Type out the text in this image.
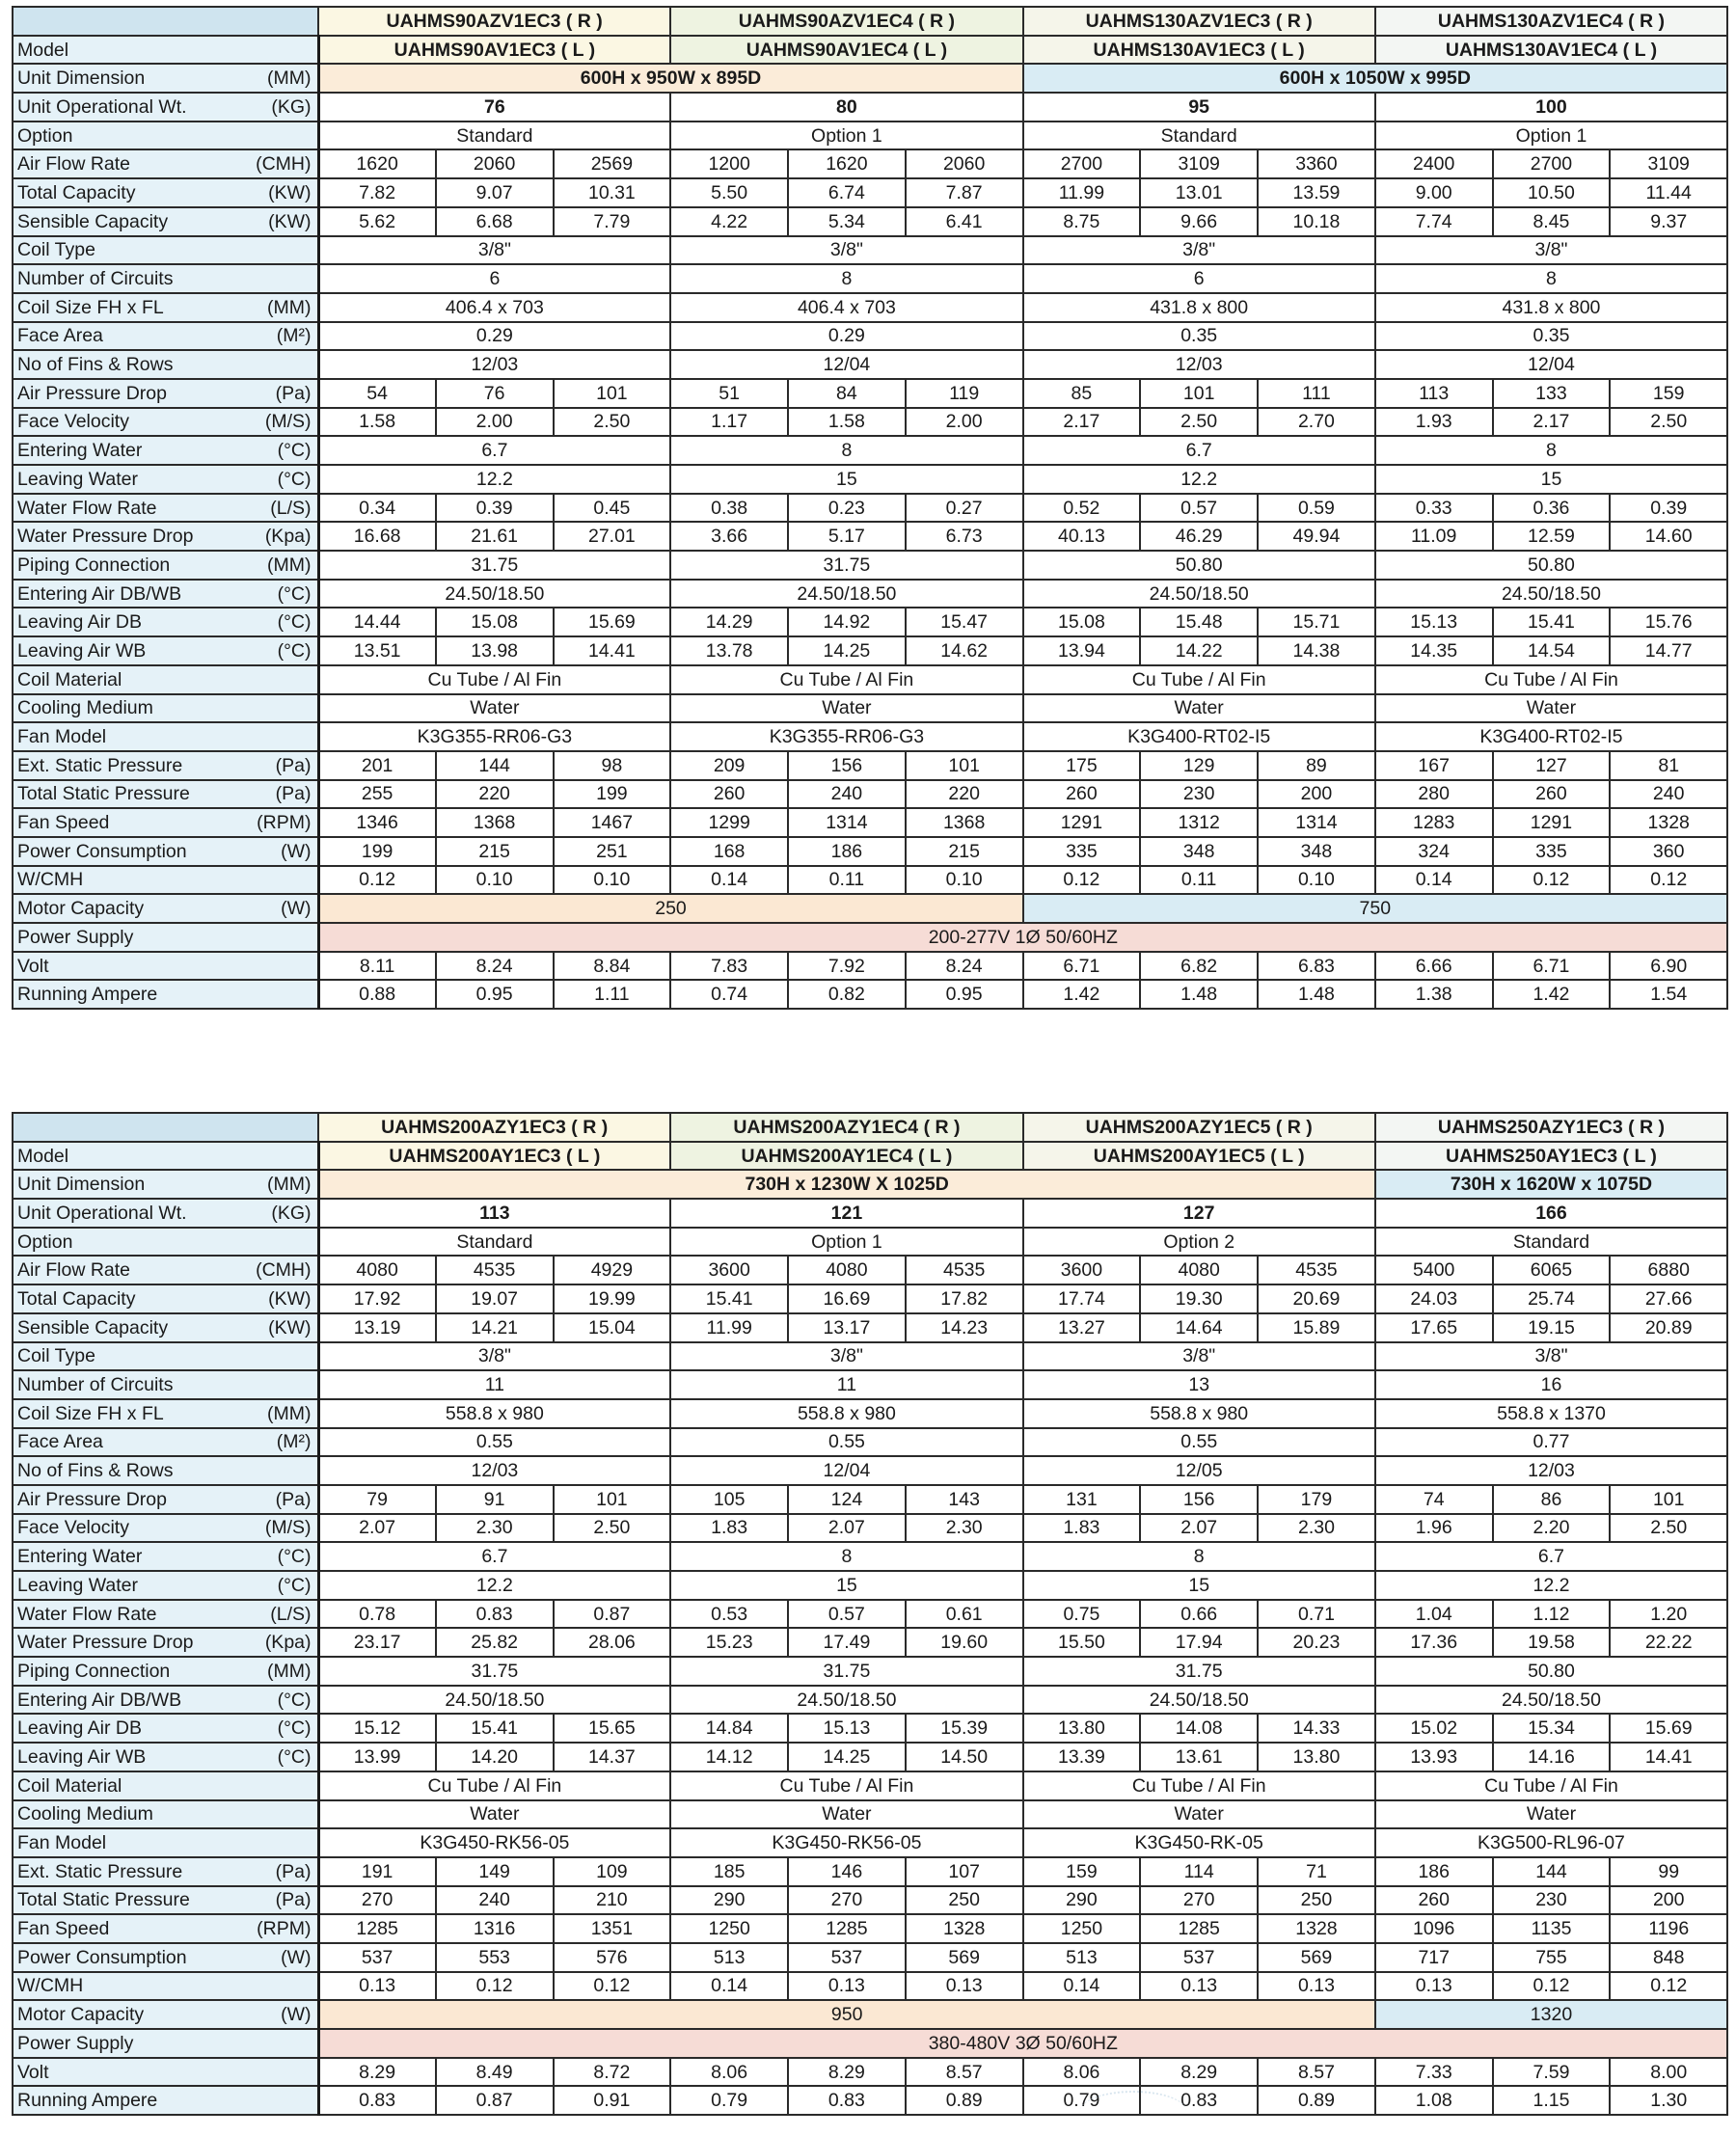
	UAHMS90AZV1EC3 ( R )			UAHMS90AZV1EC4 ( R )			UAHMS130AZV1EC3 ( R )			UAHMS130AZV1EC4 ( R )		
Model	UAHMS90AV1EC3 ( L )			UAHMS90AV1EC4 ( L )			UAHMS130AV1EC3 ( L )			UAHMS130AV1EC4 ( L )		

Unit Dimension (MM)	600H x 950W x 895D						600H x 1050W x 995D					

Unit Operational Wt. (KG)	76			80			95			100		

Option	Standard			Option 1			Standard			Option 1		

Air Flow Rate (CMH)	1620	2060	2569	1200	1620	2060	2700	3109	3360	2400	2700	3109

Total Capacity (KW)	7.82	9.07	10.31	5.50	6.74	7.87	11.99	13.01	13.59	9.00	10.50	11.44

Sensible Capacity (KW)	5.62	6.68	7.79	4.22	5.34	6.41	8.75	9.66	10.18	7.74	8.45	9.37

Coil Type	3/8"			3/8"			3/8"			3/8"		

Number of Circuits	6			8			6			8		

Coil Size FH x FL (MM)	406.4 x 703			406.4 x 703			431.8 x 800			431.8 x 800		

Face Area (M²)	0.29			0.29			0.35			0.35		

No of Fins & Rows	12/03			12/04			12/03			12/04		

Air Pressure Drop (Pa)	54	76	101	51	84	119	85	101	111	113	133	159

Face Velocity (M/S)	1.58	2.00	2.50	1.17	1.58	2.00	2.17	2.50	2.70	1.93	2.17	2.50

Entering Water (°C)	6.7			8			6.7			8		

Leaving Water (°C)	12.2			15			12.2			15		

Water Flow Rate (L/S)	0.34	0.39	0.45	0.38	0.23	0.27	0.52	0.57	0.59	0.33	0.36	0.39

Water Pressure Drop (Kpa)	16.68	21.61	27.01	3.66	5.17	6.73	40.13	46.29	49.94	11.09	12.59	14.60

Piping Connection (MM)	31.75			31.75			50.80			50.80		

Entering Air DB/WB (°C)	24.50/18.50			24.50/18.50			24.50/18.50			24.50/18.50		

Leaving Air DB (°C)	14.44	15.08	15.69	14.29	14.92	15.47	15.08	15.48	15.71	15.13	15.41	15.76

Leaving Air WB (°C)	13.51	13.98	14.41	13.78	14.25	14.62	13.94	14.22	14.38	14.35	14.54	14.77

Coil Material	Cu Tube / Al Fin			Cu Tube / Al Fin			Cu Tube / Al Fin			Cu Tube / Al Fin		

Cooling Medium	Water			Water			Water			Water		

Fan Model	K3G355-RR06-G3			K3G355-RR06-G3			K3G400-RT02-I5			K3G400-RT02-I5		

Ext. Static Pressure (Pa)	201	144	98	209	156	101	175	129	89	167	127	81

Total Static Pressure (Pa)	255	220	199	260	240	220	260	230	200	280	260	240

Fan Speed (RPM)	1346	1368	1467	1299	1314	1368	1291	1312	1314	1283	1291	1328

Power Consumption (W)	199	215	251	168	186	215	335	348	348	324	335	360

W/CMH	0.12	0.10	0.10	0.14	0.11	0.10	0.12	0.11	0.10	0.14	0.12	0.12

Motor Capacity (W)	250						750					

Power Supply	200-277V 1Ø 50/60HZ											

Volt	8.11	8.24	8.84	7.83	7.92	8.24	6.71	6.82	6.83	6.66	6.71	6.90

Running Ampere	0.88	0.95	1.11	0.74	0.82	0.95	1.42	1.48	1.48	1.38	1.42	1.54
	UAHMS200AZY1EC3 ( R )			UAHMS200AZY1EC4 ( R )			UAHMS200AZY1EC5 ( R )			UAHMS250AZY1EC3 ( R )		
Model	UAHMS200AY1EC3 ( L )			UAHMS200AY1EC4 ( L )			UAHMS200AY1EC5 ( L )			UAHMS250AY1EC3 ( L )		

Unit Dimension (MM)	730H x 1230W X 1025D									730H x 1620W x 1075D		

Unit Operational Wt. (KG)	113			121			127			166		

Option	Standard			Option 1			Option 2			Standard		

Air Flow Rate (CMH)	4080	4535	4929	3600	4080	4535	3600	4080	4535	5400	6065	6880

Total Capacity (KW)	17.92	19.07	19.99	15.41	16.69	17.82	17.74	19.30	20.69	24.03	25.74	27.66

Sensible Capacity (KW)	13.19	14.21	15.04	11.99	13.17	14.23	13.27	14.64	15.89	17.65	19.15	20.89

Coil Type	3/8"			3/8"			3/8"			3/8"		

Number of Circuits	11			11			13			16		

Coil Size FH x FL (MM)	558.8 x 980			558.8 x 980			558.8 x 980			558.8 x 1370		

Face Area (M²)	0.55			0.55			0.55			0.77		

No of Fins & Rows	12/03			12/04			12/05			12/03		

Air Pressure Drop (Pa)	79	91	101	105	124	143	131	156	179	74	86	101

Face Velocity (M/S)	2.07	2.30	2.50	1.83	2.07	2.30	1.83	2.07	2.30	1.96	2.20	2.50

Entering Water (°C)	6.7			8			8			6.7		

Leaving Water (°C)	12.2			15			15			12.2		

Water Flow Rate (L/S)	0.78	0.83	0.87	0.53	0.57	0.61	0.75	0.66	0.71	1.04	1.12	1.20

Water Pressure Drop (Kpa)	23.17	25.82	28.06	15.23	17.49	19.60	15.50	17.94	20.23	17.36	19.58	22.22

Piping Connection (MM)	31.75			31.75			31.75			50.80		

Entering Air DB/WB (°C)	24.50/18.50			24.50/18.50			24.50/18.50			24.50/18.50		

Leaving Air DB (°C)	15.12	15.41	15.65	14.84	15.13	15.39	13.80	14.08	14.33	15.02	15.34	15.69

Leaving Air WB (°C)	13.99	14.20	14.37	14.12	14.25	14.50	13.39	13.61	13.80	13.93	14.16	14.41

Coil Material	Cu Tube / Al Fin			Cu Tube / Al Fin			Cu Tube / Al Fin			Cu Tube / Al Fin		

Cooling Medium	Water			Water			Water			Water		

Fan Model	K3G450-RK56-05			K3G450-RK56-05			K3G450-RK-05			K3G500-RL96-07		

Ext. Static Pressure (Pa)	191	149	109	185	146	107	159	114	71	186	144	99

Total Static Pressure (Pa)	270	240	210	290	270	250	290	270	250	260	230	200

Fan Speed (RPM)	1285	1316	1351	1250	1285	1328	1250	1285	1328	1096	1135	1196

Power Consumption (W)	537	553	576	513	537	569	513	537	569	717	755	848

W/CMH	0.13	0.12	0.12	0.14	0.13	0.13	0.14	0.13	0.13	0.13	0.12	0.12

Motor Capacity (W)	950									1320		

Power Supply	380-480V 3Ø 50/60HZ											

Volt	8.29	8.49	8.72	8.06	8.29	8.57	8.06	8.29	8.57	7.33	7.59	8.00

Running Ampere	0.83	0.87	0.91	0.79	0.83	0.89	0.79	0.83	0.89	1.08	1.15	1.30
